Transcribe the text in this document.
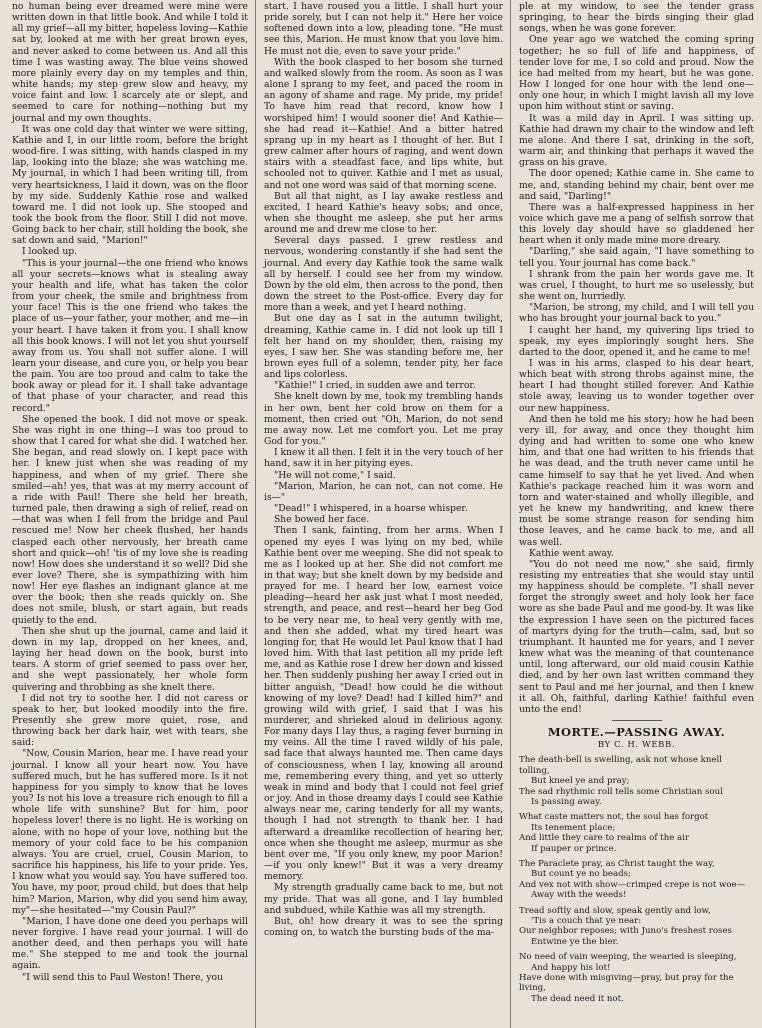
no human being ever dreamed were mine were written down in that little book. And while I told it all my grief—all my bitter, hopeless loving—Kathie sat by, looked at me with her great brown eyes, and never asked to come between us. And all this time I was wasting away. The blue veins showed more plainly every day on my temples and thin, white hands; my step grew slow and heavy, my voice faint and low. I scarcely ate or slept, and seemed to care for nothing—nothing but my journal and my own thoughts.

It was one cold day that winter we were sitting, Kathie and I, in our little room, before the bright wood-fire. I was sitting, with hands clasped in my lap, looking into the blaze; she was watching me. My journal, in which I had been writing till, from very heartsickness, I laid it down, was on the floor by my side. Suddenly Kathie rose and walked toward me. I did not look up. She stooped and took the book from the floor. Still I did not move. Going back to her chair, still holding the book, she sat down and said, "Marion!"

I looked up.

"This is your journal—the one friend who knows all your secrets—knows what is stealing away your health and life, what has taken the color from your cheek, the smile and brightness from your face! This is the one friend who takes the place of us—your father, your mother, and me—in your heart. I have taken it from you. I shall know all this book knows. I will not let you shut yourself away from us. You shall not suffer alone. I will learn your disease, and cure you, or help you bear the pain. You are too proud and calm to take the book away or plead for it. I shall take advantage of that phase of your character, and read this record."

She opened the book. I did not move or speak. She was right in one thing—I was too proud to show that I cared for what she did. I watched her. She began, and read slowly on. I kept pace with her. I knew just when she was reading of my happiness, and when of my grief. There she smiled—ah! yes, that was at my merry account of a ride with Paul! There she held her breath, turned pale, then drawing a sigh of relief, read on—that was when I fell from the bridge and Paul rescued me! Now her cheek flushed, her hands clasped each other nervously, her breath came short and quick—oh! 'tis of my love she is reading now! How does she understand it so well? Did she ever love? There, she is sympathizing with him now! Her eye flashes an indignant glance at me over the book; then she reads quickly on. She does not smile, blush, or start again, but reads quietly to the end.

Then she shut up the journal, came and laid it down in my lap, dropped on her knees, and, laying her head down on the book, burst into tears. A storm of grief seemed to pass over her, and she wept passionately, her whole form quivering and throbbing as she knelt there.

I did not try to soothe her. I did not caress or speak to her, but looked moodily into the fire. Presently she grew more quiet, rose, and throwing back her dark hair, wet with tears, she said:

"Now, Cousin Marion, hear me. I have read your journal. I know all your heart now. You have suffered much, but he has suffered more. Is it not happiness for you simply to know that he loves you? Is not his love a treasure rich enough to fill a whole life with sunshine? But for him, poor hopeless lover! there is no light. He is working on alone, with no hope of your love, nothing but the memory of your cold face to be his companion always. You are cruel, cruel, Cousin Marion, to sacrifice his happiness, his life to your pride. Yes, I know what you would say. You have suffered too. You have, my poor, proud child, but does that help him? Marion, Marion, why did you send him away, my"—she hesitated—"my Cousin Paul?"

"Marion, I have done one deed you perhaps will never forgive. I have read your journal. I will do another deed, and then perhaps you will hate me." She stepped to me and took the journal again.

"I will send this to Paul Weston! There, you

start. I have roused you a little. I shall hurt your pride sorely, but I can not help it." Here her voice softened down into a low, pleading tone. "He must see this, Marion. He must know that you love him. He must not die, even to save your pride."

With the book clasped to her bosom she turned and walked slowly from the room. As soon as I was alone I sprang to my feet, and paced the room in an agony of shame and rage. My pride, my pride! To have him read that record, know how I worshiped him! I would sooner die! And Kathie—she had read it—Kathie! And a bitter hatred sprang up in my heart as I thought of her. But I grew calmer after hours of raging, and went down stairs with a steadfast face, and lips white, but schooled not to quiver. Kathie and I met as usual, and not one word was said of that morning scene.

But all that night, as I lay awake restless and excited, I heard Kathie's heavy sobs; and once, when she thought me asleep, she put her arms around me and drew me close to her.

Several days passed. I grew restless and nervous, wondering constantly if she had sent the journal. And every day Kathie took the same walk all by herself. I could see her from my window. Down by the old elm, then across to the pond, then down the street to the Post-office. Every day for more than a week, and yet I heard nothing.

But one day as I sat in the autumn twilight, dreaming, Kathie came in. I did not look up till I felt her hand on my shoulder, then, raising my eyes, I saw her. She was standing before me, her brown eyes full of a solemn, tender pity, her face and lips colorless.

"Kathie!" I cried, in sudden awe and terror.

She knelt down by me, took my trembling hands in her own, bent her cold brow on them for a moment, then cried out "Oh, Marion, do not send me away now. Let me comfort you. Let me pray God for you."

I knew it all then. I felt it in the very touch of her hand, saw it in her pitying eyes.

"He will not come," I said.

"Marion, Marion, he can not, can not come. He is—"

"Dead!" I whispered, in a hoarse whisper.

She bowed her face.

Then I sank, fainting, from her arms. When I opened my eyes I was lying on my bed, while Kathie bent over me weeping. She did not speak to me as I looked up at her. She did not comfort me in that way; but she knelt down by my bedside and prayed for me. I heard her low, earnest voice pleading—heard her ask just what I most needed, strength, and peace, and rest—heard her beg God to be very near me, to heal very gently with me, and then she added, what my tired heart was longing for, that He would let Paul know that I had loved him. With that last petition all my pride left me, and as Kathie rose I drew her down and kissed her. Then suddenly pushing her away I cried out in bitter anguish, "Dead! how could he die without knowing of my love? Dead! had I killed him?" and growing wild with grief, I said that I was his murderer, and shrieked aloud in delirious agony. For many days I lay thus, a raging fever burning in my veins. All the time I raved wildly of his pale, sad face that always haunted me. Then came days of consciousness, when I lay, knowing all around me, remembering every thing, and yet so utterly weak in mind and body that I could not feel grief or joy. And in those dreamy days I could see Kathie always near me, caring tenderly for all my wants, though I had not strength to thank her. I had afterward a dreamlike recollection of hearing her, once when she thought me asleep, murmur as she bent over me, "If you only knew, my poor Marion!—if you only knew!" But it was a very dreamy memory.

My strength gradually came back to me, but not my pride. That was all gone, and I lay humbled and subdued, while Kathie was all my strength.

But, oh! how dreary it was to see the spring coming on, to watch the bursting buds of the ma-

ple at my window, to see the tender grass springing, to hear the birds singing their glad songs, when he was gone forever.

One year ago we watched the coming spring together; he so full of life and happiness, of tender love for me, I so cold and proud. Now the ice had melted from my heart, but he was gone. How I longed for one hour with the lend one—only one hour, in which I might lavish all my love upon him without stint or saving.

It was a mild day in April. I was sitting up. Kathie had drawn my chair to the window and left me alone. And there I sat, drinking in the soft, warm air, and thinking that perhaps it waved the grass on his grave.

The door opened; Kathie came in. She came to me, and, standing behind my chair, bent over me and said, "Darling!"

There was a half-expressed happiness in her voice which gave me a pang of selfish sorrow that this lovely day should have so gladdened her heart when it only made mine more dreary.

"Darling," she said again, "I have something to tell you. Your journal has come back."

I shrank from the pain her words gave me. It was cruel, I thought, to hurt me so uselessly, but she went on, hurriedly.

"Marion, be strong, my child, and I will tell you who has brought your journal back to you."

I caught her hand, my quivering lips tried to speak, my eyes imploringly sought hers. She darted to the door, opened it, and he came to me!

I was in his arms, clasped to his dear heart, which beat with strong throbs against mine, the heart I had thought stilled forever. And Kathie stole away, leaving us to wonder together over our new happiness.

And then he told me his story; how he had been very ill, for away, and once they thought him dying and had written to some one who knew him, and that one had written to his friends that he was dead, and the truth never came until he came himself to say that he yet lived. And when Kathie's package reached him it was worn and torn and water-stained and wholly illegible, and yet he knew my handwriting, and knew there must be some strange reason for sending him those leaves, and he came back to me, and all was well.

Kathie went away.

"You do not need me now," she said, firmly resisting my entreaties that she would stay until my happiness should be complete. "I shall never forget the strongly sweet and holy look her face wore as she bade Paul and me good-by. It was like the expression I have seen on the pictured faces of martyrs dying for the truth—calm, sad, but so triumphant. It haunted me for years, and I never knew what was the meaning of that countenance until, long afterward, our old maid cousin Kathie died, and by her own last written command they sent to Paul and me her journal, and then I knew it all. Oh, faithful, darling Kathie! faithful even unto the end!

MORTE.—PASSING AWAY.
BY C. H. WEBB.
The death-bell is swelling, ask not whose knell tolling,
But kneel ye and pray;
The sad rhythmic roll tells some Christian soul
Is passing away.
What caste matters not, the soul has forgot
Its tenement place;
And little they care to realms of the air
If pauper or prince.
The Paraclete pray, as Christ taught the way,
But count ye no beads;
And vex not with show—crimped crepe is not woe—
Away with the weeds!
Tread softly and slow, speak gently and low,
'Tis a couch that ye near:
Our neighbor reposes; with Juno's freshest roses
Entwine ye the bier.
No need of vain weeping, the wearied is sleeping,
And happy his lot!
Have done with misgiving—pray, but pray for the living,
The dead need it not.
